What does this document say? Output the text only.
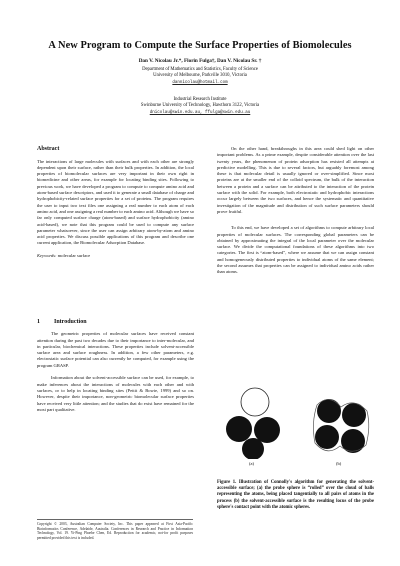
A New Program to Compute the Surface Properties of Biomolecules
Dan V. Nicolau Jr.*, Florin Fulga†, Dan V. Nicolau Sr. †
Department of Mathematics and Statistics, Faculty of Science
University of Melbourne, Parkville 3010, Victoria
dannicolau@hotmail.com
Industrial Research Institute
Swinburne University of Technology, Hawthorn 3122, Victoria
dnicolau@swin.edu.au, ffulga@swin.edu.au

Abstract

The interactions of large molecules with surfaces and with each other are strongly dependent upon their surface, rather than their bulk properties. In addition, the local properties of biomolecular surfaces are very important in their own right in biomedicine and other areas, for example for locating binding sites. Following to previous work, we have developed a program to compute to compute amino acid and atom-based surface descriptors, and used it to generate a small database of charge and hydrophobicity-related surface properties for a set of proteins. The program requires the user to input two text files one assigning a real number to each atom of each amino acid, and one assigning a real number to each amino acid. Although we have so far only computed surface charge (atom-based) and surface hydrophobicity (amino acid-based), we note that this program could be used to compute any surface parameter whatsoever, since the user can assign arbitrary atom-by-atom and amino acid properties. We discuss possible applications of this program and describe one current application, the Biomolecular Adsorption Database.

Keywords: molecular surface

1 Introduction

The geometric properties of molecular surfaces have received constant attention during the past two decades due to their importance to inter-molecular, and in particular, biochemical interactions. These properties include solvent-accessible surface area and surface roughness. In addition, a few other parameters, e.g. electrostatic surface potential can also currently be computed, for example using the program GRASP.

Information about the solvent-accessible surface can be used, for example, to make inferences about the interactions of molecules with each other and with surfaces, or to help in locating binding sites (Pettit & Bowie, 1999) and so on. However, despite their importance, non-geometric biomolecular surface properties have received very little attention; and the studies that do exist have remained for the most part qualitative.

Copyright © 2003, Australian Computer Society, Inc. This paper appeared at First Asia-Pacific Bioinformatics Conference, Adelaide, Australia. Conferences in Research and Practice in Information Technology, Vol. 19. Yi-Ping Phoebe Chen, Ed. Reproduction for academic, not-for profit purposes permitted provided this text is included.

On the other hand, breakthroughs in this area could shed light on other important problems. As a prime example, despite considerable attention over the last twenty years, the phenomenon of protein adsorption has resisted all attempts at predictive modelling. This is due to several factors, but arguably foremost among these is that molecular detail is usually ignored or over-simplified. Since most proteins are at the smaller end of the colloid spectrum, the bulk of the interaction between a protein and a surface can be attributed to the interaction of the protein surface with the solid. For example, both electrostatic and hydrophobic interactions occur largely between the two surfaces, and hence the systematic and quantitative investigation of the magnitude and distribution of such surface parameters should prove fruitful.

To this end, we have developed a set of algorithms to compute arbitrary local properties of molecular surfaces. The corresponding global parameters can be obtained by approximating the integral of the local parameter over the molecular surface. We divide the computational foundations of these algorithms into two categories. The first is “atom-based”, where we assume that we can assign constant and homogeneously distributed properties to individual atoms of the same element; the second assumes that properties can be assigned to individual amino acids rather than atoms.

(a)	(b)
Figure 1. Illustration of Connolly's algorithm for generating the solvent-accessible surface; (a) the probe sphere is “rolled” over the cloud of balls representing the atoms, being placed tangentially to all pairs of atoms in the process (b) the solvent-accessible surface is the resulting locus of the probe sphere's contact point with the atomic spheres.
